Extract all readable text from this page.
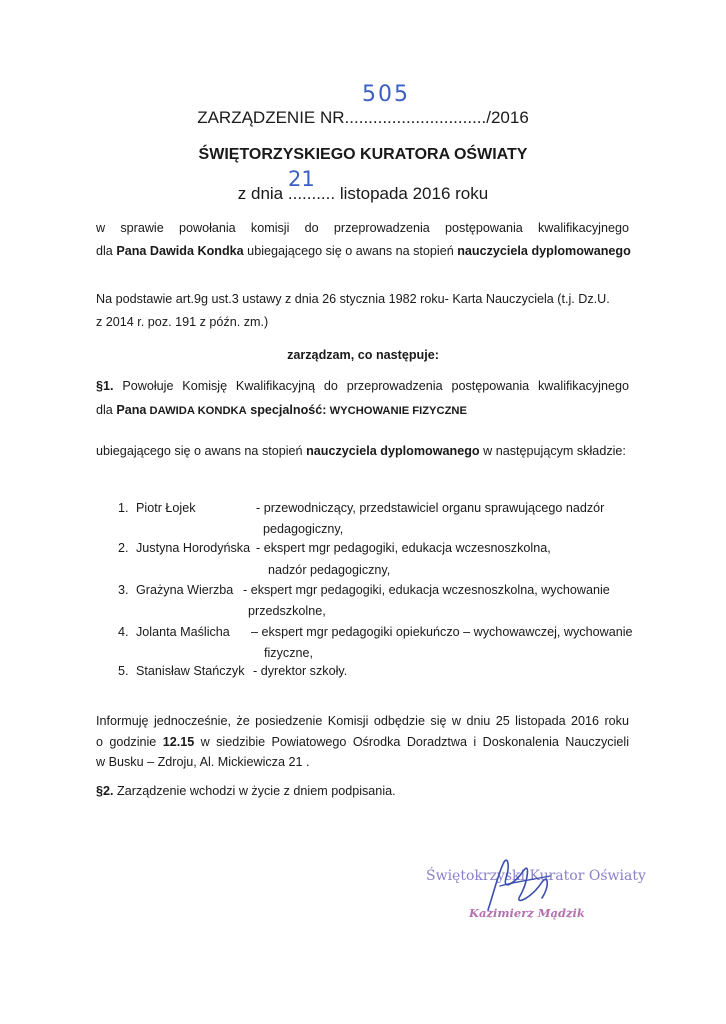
ZARZĄDZENIE NR............................../2016
505
ŚWIĘTORZYSKIEGO KURATORA OŚWIATY
z dnia .......... listopada 2016 roku
21
w sprawie powołania komisji do przeprowadzenia postępowania kwalifikacyjnego
dla Pana Dawida Kondka ubiegającego się o awans na stopień nauczyciela dyplomowanego
Na podstawie art.9g ust.3 ustawy z dnia 26 stycznia 1982 roku- Karta Nauczyciela (t.j. Dz.U.
z 2014 r. poz. 191 z późn. zm.)
zarządzam, co następuje:
§1. Powołuje Komisję Kwalifikacyjną do przeprowadzenia postępowania kwalifikacyjnego
dla Pana DAWIDA KONDKA specjalność: WYCHOWANIE FIZYCZNE
ubiegającego się o awans na stopień nauczyciela dyplomowanego w następującym składzie:
1. Piotr Łojek	- przewodniczący, przedstawiciel organu sprawującego nadzór
pedagogiczny,
2. Justyna Horodyńska - ekspert mgr pedagogiki, edukacja wczesnoszkolna,
nadzór pedagogiczny,
3. Grażyna Wierzba - ekspert mgr pedagogiki, edukacja wczesnoszkolna, wychowanie
przedszkolne,
4. Jolanta Maślicha – ekspert mgr pedagogiki opiekuńczo – wychowawczej, wychowanie
fizyczne,
5. Stanisław Stańczyk - dyrektor szkoły.
Informuję jednocześnie, że posiedzenie Komisji odbędzie się w dniu 25 listopada 2016 roku
o godzinie 12.15 w siedzibie Powiatowego Ośrodka Doradztwa i Doskonalenia Nauczycieli
w Busku – Zdroju, Al. Mickiewicza 21 .
§2. Zarządzenie wchodzi w życie z dniem podpisania.
Świętokrzyski Kurator Oświaty
Kazimierz Mądzik
